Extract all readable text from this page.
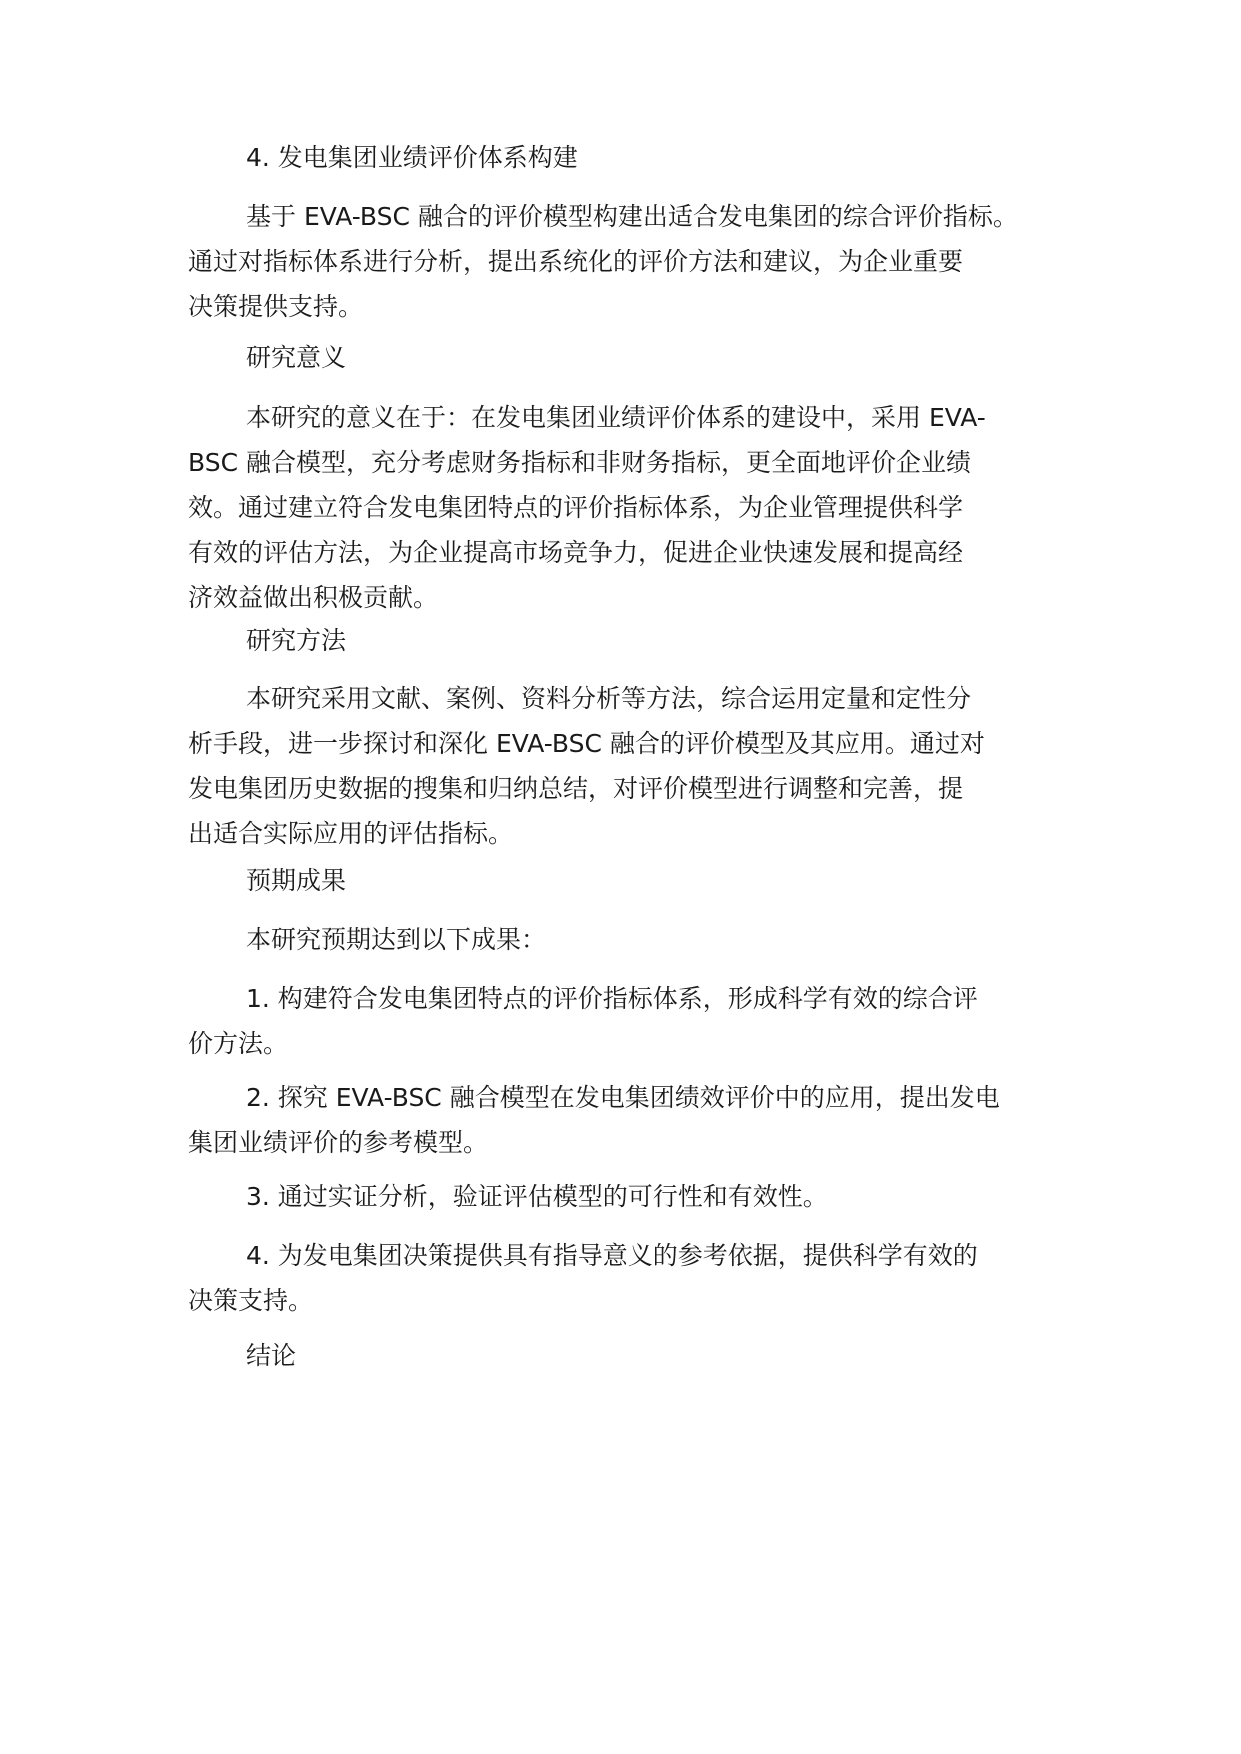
4. 发电集团业绩评价体系构建
基于 EVA-BSC 融合的评价模型构建出适合发电集团的综合评价指标。
通过对指标体系进行分析，提出系统化的评价方法和建议，为企业重要
决策提供支持。
研究意义
本研究的意义在于：在发电集团业绩评价体系的建设中，采用 EVA-
BSC 融合模型，充分考虑财务指标和非财务指标，更全面地评价企业绩
效。通过建立符合发电集团特点的评价指标体系，为企业管理提供科学
有效的评估方法，为企业提高市场竞争力，促进企业快速发展和提高经
济效益做出积极贡献。
研究方法
本研究采用文献、案例、资料分析等方法，综合运用定量和定性分
析手段，进一步探讨和深化 EVA-BSC 融合的评价模型及其应用。通过对
发电集团历史数据的搜集和归纳总结，对评价模型进行调整和完善，提
出适合实际应用的评估指标。
预期成果
本研究预期达到以下成果：
1. 构建符合发电集团特点的评价指标体系，形成科学有效的综合评
价方法。
2. 探究 EVA-BSC 融合模型在发电集团绩效评价中的应用，提出发电
集团业绩评价的参考模型。
3. 通过实证分析，验证评估模型的可行性和有效性。
4. 为发电集团决策提供具有指导意义的参考依据，提供科学有效的
决策支持。
结论
